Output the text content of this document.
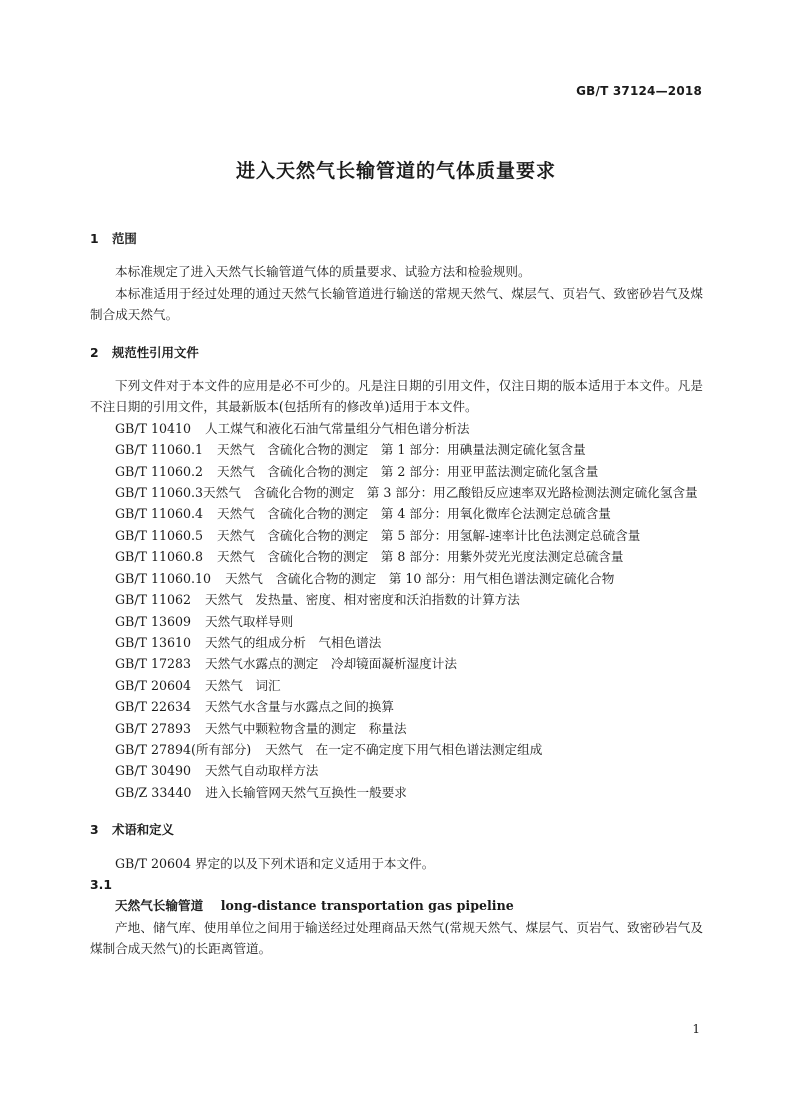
GB/T 37124—2018
进入天然气长输管道的气体质量要求
1 范围

本标准规定了进入天然气长输管道气体的质量要求、试验方法和检验规则。

本标准适用于经过处理的通过天然气长输管道进行输送的常规天然气、煤层气、页岩气、致密砂岩气及煤制合成天然气。

2 规范性引用文件

下列文件对于本文件的应用是必不可少的。凡是注日期的引用文件，仅注日期的版本适用于本文件。凡是不注日期的引用文件，其最新版本(包括所有的修改单)适用于本文件。

GB/T 10410 人工煤气和液化石油气常量组分气相色谱分析法
GB/T 11060.1 天然气　含硫化合物的测定　第 1 部分：用碘量法测定硫化氢含量
GB/T 11060.2 天然气　含硫化合物的测定　第 2 部分：用亚甲蓝法测定硫化氢含量

GB/T 11060.3天然气　含硫化合物的测定　第 3 部分：用乙酸铅反应速率双光路检测法测定硫化氢含量

GB/T 11060.4 天然气　含硫化合物的测定　第 4 部分：用氧化微库仑法测定总硫含量
GB/T 11060.5 天然气　含硫化合物的测定　第 5 部分：用氢解-速率计比色法测定总硫含量
GB/T 11060.8 天然气　含硫化合物的测定　第 8 部分：用紫外荧光光度法测定总硫含量
GB/T 11060.10 天然气　含硫化合物的测定　第 10 部分：用气相色谱法测定硫化合物
GB/T 11062 天然气　发热量、密度、相对密度和沃泊指数的计算方法
GB/T 13609 天然气取样导则
GB/T 13610 天然气的组成分析　气相色谱法
GB/T 17283 天然气水露点的测定　冷却镜面凝析湿度计法
GB/T 20604 天然气　词汇
GB/T 22634 天然气水含量与水露点之间的换算
GB/T 27893 天然气中颗粒物含量的测定　称量法
GB/T 27894(所有部分) 天然气　在一定不确定度下用气相色谱法测定组成
GB/T 30490 天然气自动取样方法
GB/Z 33440 进入长输管网天然气互换性一般要求
3 术语和定义

GB/T 20604 界定的以及下列术语和定义适用于本文件。

3.1
天然气长输管道 long-distance transportation gas pipeline

产地、储气库、使用单位之间用于输送经过处理商品天然气(常规天然气、煤层气、页岩气、致密砂岩气及煤制合成天然气)的长距离管道。

1
